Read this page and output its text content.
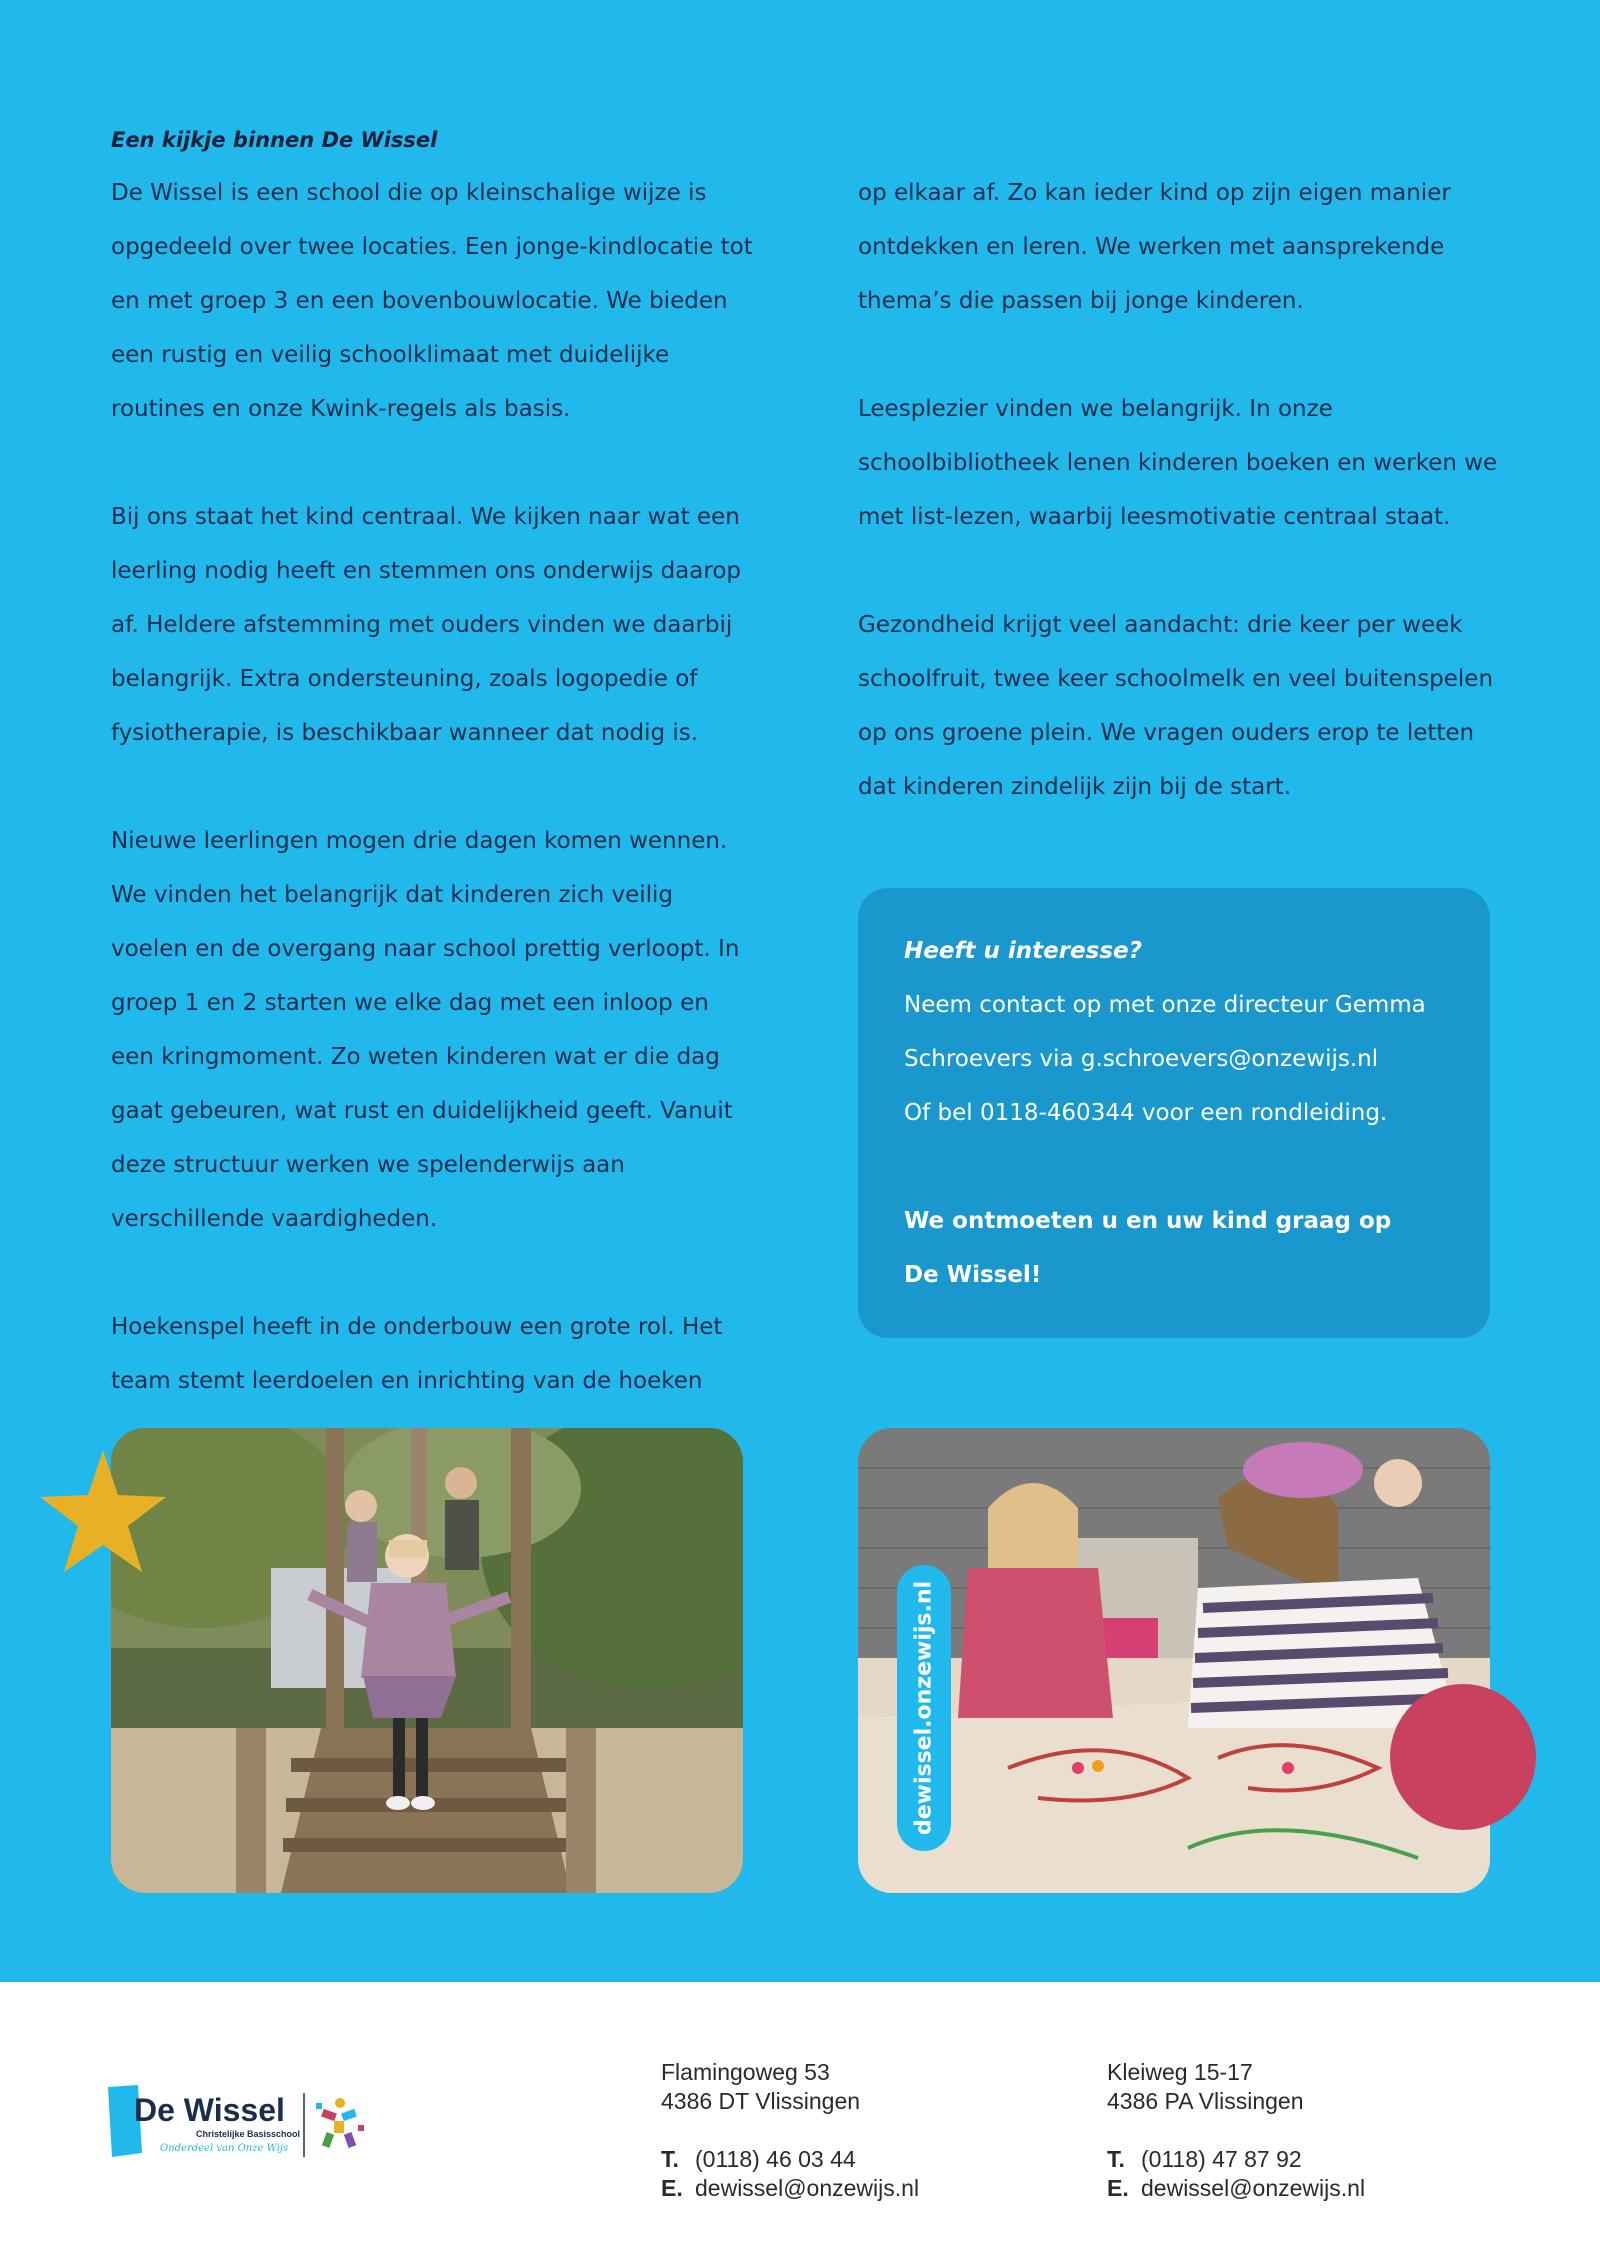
Een kijkje binnen De Wissel

De Wissel is een school die op kleinschalige wijze is opgedeeld over twee locaties. Een jonge-kindlocatie tot en met groep 3 en een bovenbouwlocatie. We bieden een rustig en veilig schoolklimaat met duidelijke routines en onze Kwink-regels als basis.

Bij ons staat het kind centraal. We kijken naar wat een leerling nodig heeft en stemmen ons onderwijs daarop af. Heldere afstemming met ouders vinden we daarbij belangrijk. Extra ondersteuning, zoals logopedie of fysiotherapie, is beschikbaar wanneer dat nodig is.

Nieuwe leerlingen mogen drie dagen komen wennen. We vinden het belangrijk dat kinderen zich veilig voelen en de overgang naar school prettig verloopt. In groep 1 en 2 starten we elke dag met een inloop en een kringmoment. Zo weten kinderen wat er die dag gaat gebeuren, wat rust en duidelijkheid geeft. Vanuit deze structuur werken we spelenderwijs aan verschillende vaardigheden.

Hoekenspel heeft in de onderbouw een grote rol. Het team stemt leerdoelen en inrichting van de hoeken

op elkaar af. Zo kan ieder kind op zijn eigen manier ontdekken en leren. We werken met aansprekende thema’s die passen bij jonge kinderen.

Leesplezier vinden we belangrijk. In onze schoolbibliotheek lenen kinderen boeken en werken we met list-lezen, waarbij leesmotivatie centraal staat.

Gezondheid krijgt veel aandacht: drie keer per week schoolfruit, twee keer schoolmelk en veel buitenspelen op ons groene plein. We vragen ouders erop te letten dat kinderen zindelijk zijn bij de start.

Heeft u interesse?
Neem contact op met onze directeur Gemma
Schroevers via g.schroevers@onzewijs.nl
Of bel 0118-460344 voor een rondleiding.
We ontmoeten u en uw kind graag op
De Wissel!
dewissel.onzewijs.nl
De Wissel
Christelijke Basisschool
Onderdeel van Onze Wijs
Flamingoweg 53
4386 DT Vlissingen
T. (0118) 46 03 44
E. dewissel@onzewijs.nl
Kleiweg 15-17
4386 PA Vlissingen
T. (0118) 47 87 92
E. dewissel@onzewijs.nl
